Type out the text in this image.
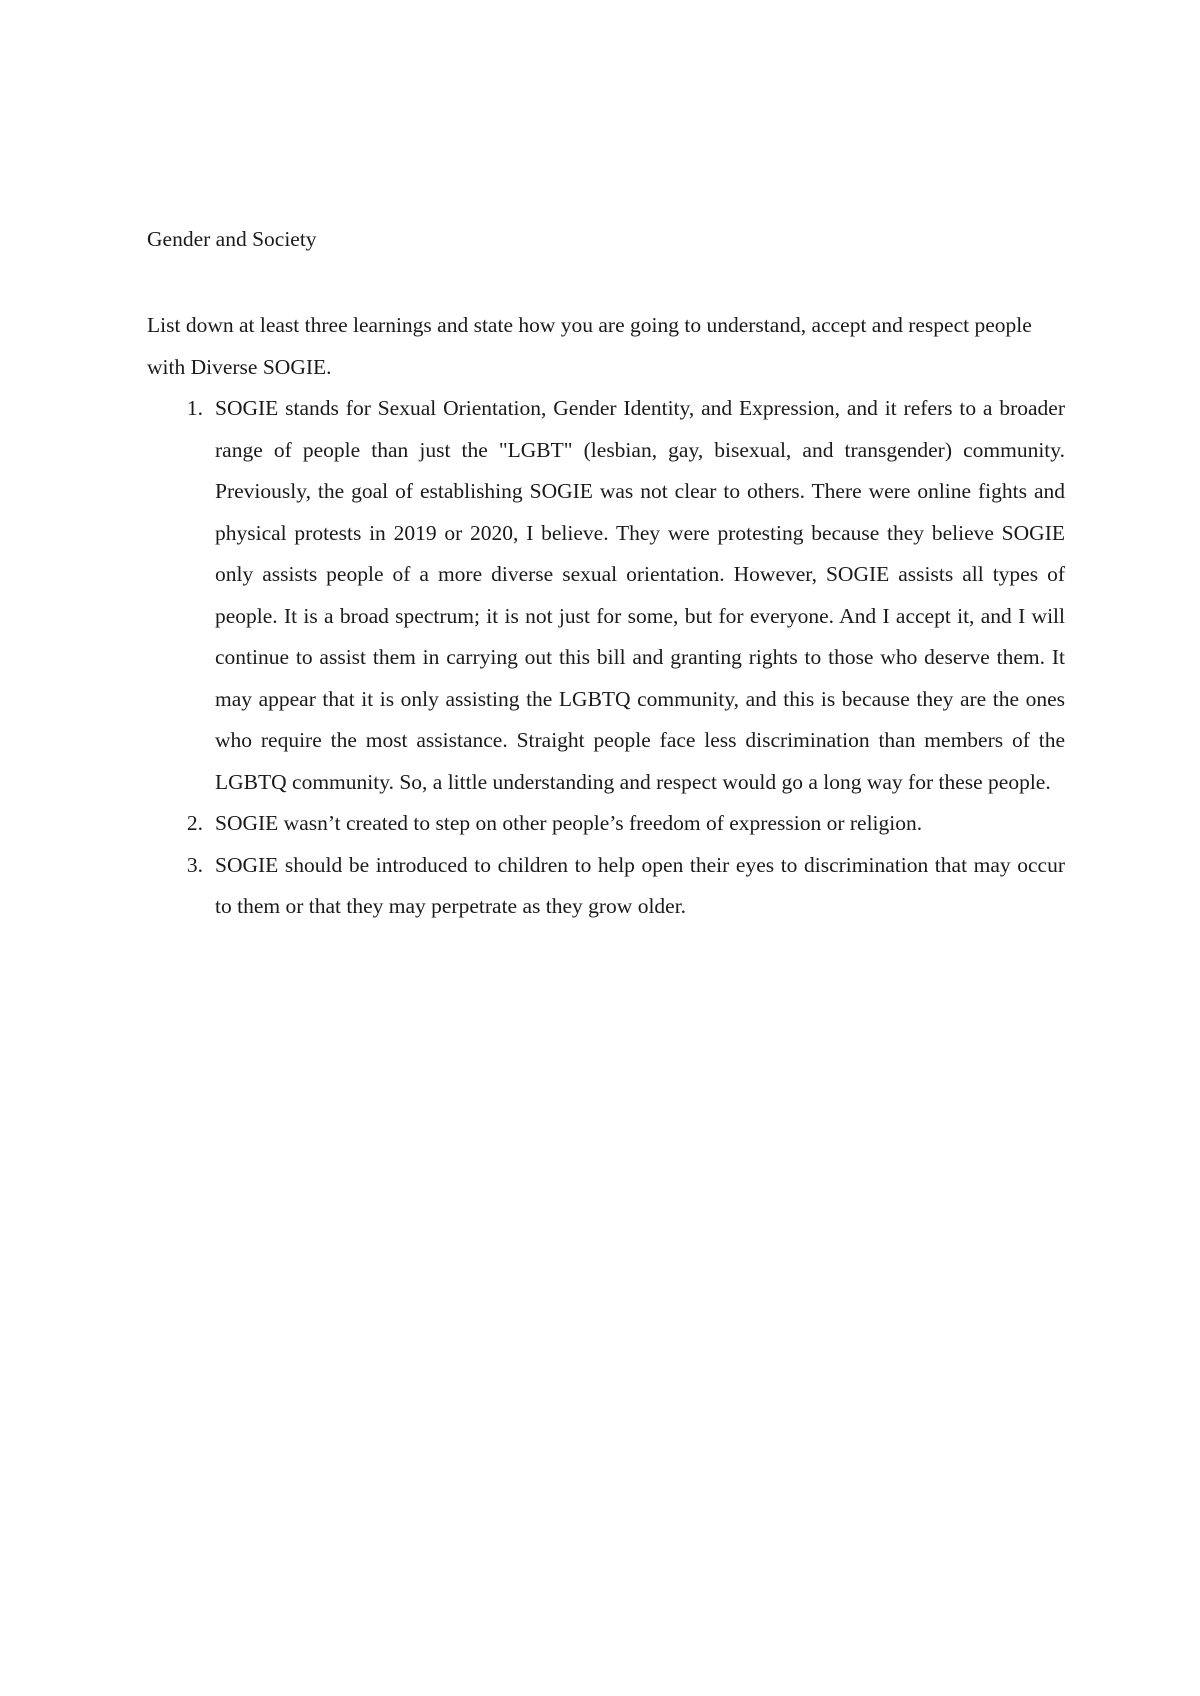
Gender and Society

List down at least three learnings and state how you are going to understand, accept and respect people with Diverse SOGIE.

1. SOGIE stands for Sexual Orientation, Gender Identity, and Expression, and it refers to a broader range of people than just the "LGBT" (lesbian, gay, bisexual, and transgender) community. Previously, the goal of establishing SOGIE was not clear to others. There were online fights and physical protests in 2019 or 2020, I believe. They were protesting because they believe SOGIE only assists people of a more diverse sexual orientation. However, SOGIE assists all types of people. It is a broad spectrum; it is not just for some, but for everyone. And I accept it, and I will continue to assist them in carrying out this bill and granting rights to those who deserve them. It may appear that it is only assisting the LGBTQ community, and this is because they are the ones who require the most assistance. Straight people face less discrimination than members of the LGBTQ community. So, a little understanding and respect would go a long way for these people.
2. SOGIE wasn’t created to step on other people’s freedom of expression or religion.
3. SOGIE should be introduced to children to help open their eyes to discrimination that may occur to them or that they may perpetrate as they grow older.
